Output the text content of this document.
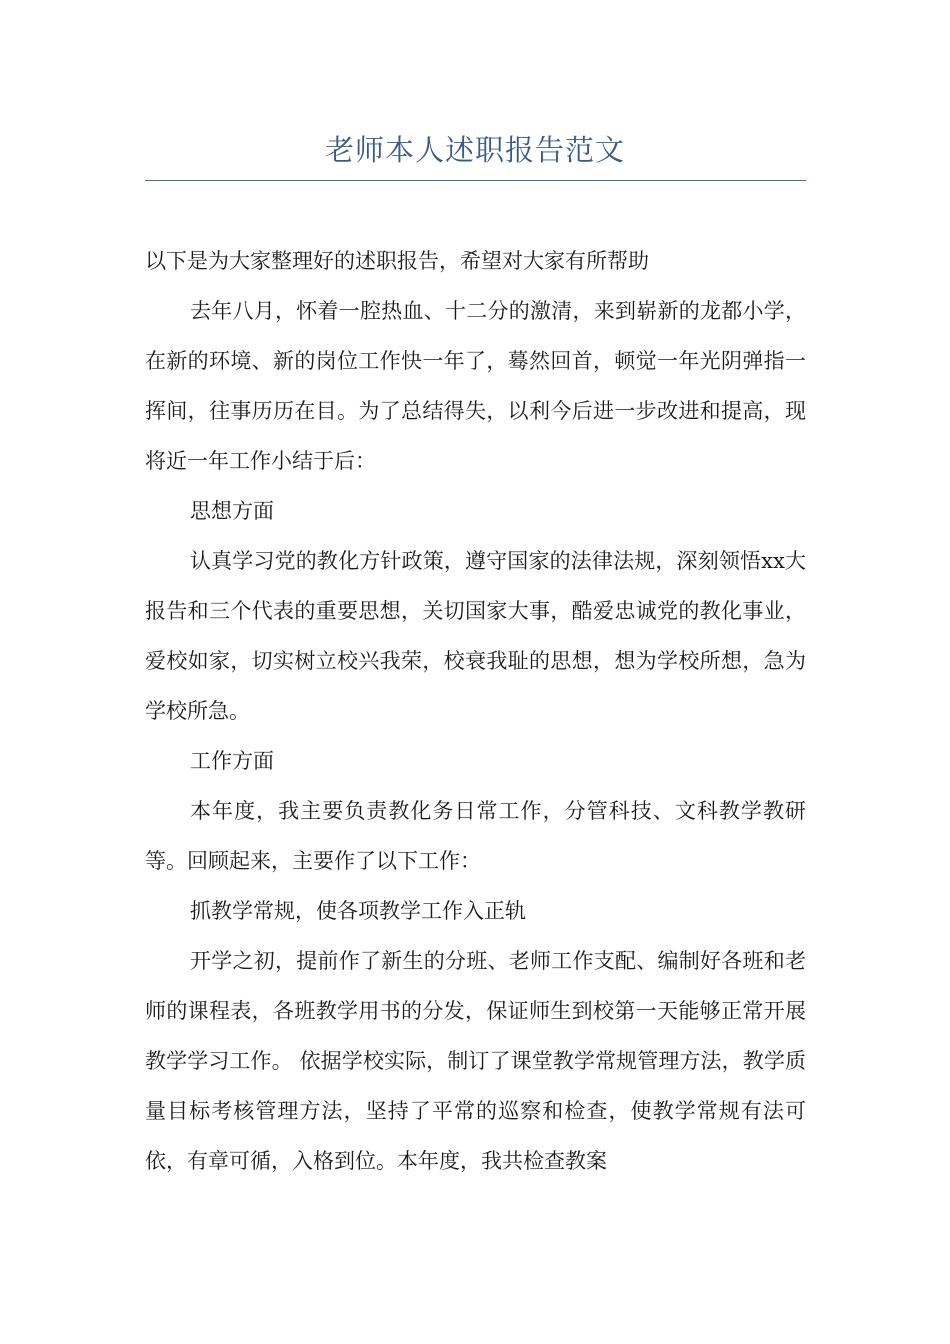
老师本人述职报告范文

以下是为大家整理好的述职报告，希望对大家有所帮助

去年八月，怀着一腔热血、十二分的激清，来到崭新的龙都小学，在新的环境、新的岗位工作快一年了，蓦然回首，顿觉一年光阴弹指一挥间，往事历历在目。为了总结得失，以利今后进一步改进和提高，现将近一年工作小结于后：

思想方面

认真学习党的教化方针政策，遵守国家的法律法规，深刻领悟xx大报告和三个代表的重要思想，关切国家大事，酷爱忠诚党的教化事业，爱校如家，切实树立校兴我荣，校衰我耻的思想，想为学校所想，急为学校所急。

工作方面

本年度，我主要负责教化务日常工作，分管科技、文科教学教研等。回顾起来，主要作了以下工作：

抓教学常规，使各项教学工作入正轨

开学之初，提前作了新生的分班、老师工作支配、编制好各班和老师的课程表，各班教学用书的分发，保证师生到校第一天能够正常开展教学学习工作。 依据学校实际，制订了课堂教学常规管理方法，教学质量目标考核管理方法，坚持了平常的巡察和检查，使教学常规有法可依，有章可循，入格到位。本年度，我共检查教案
